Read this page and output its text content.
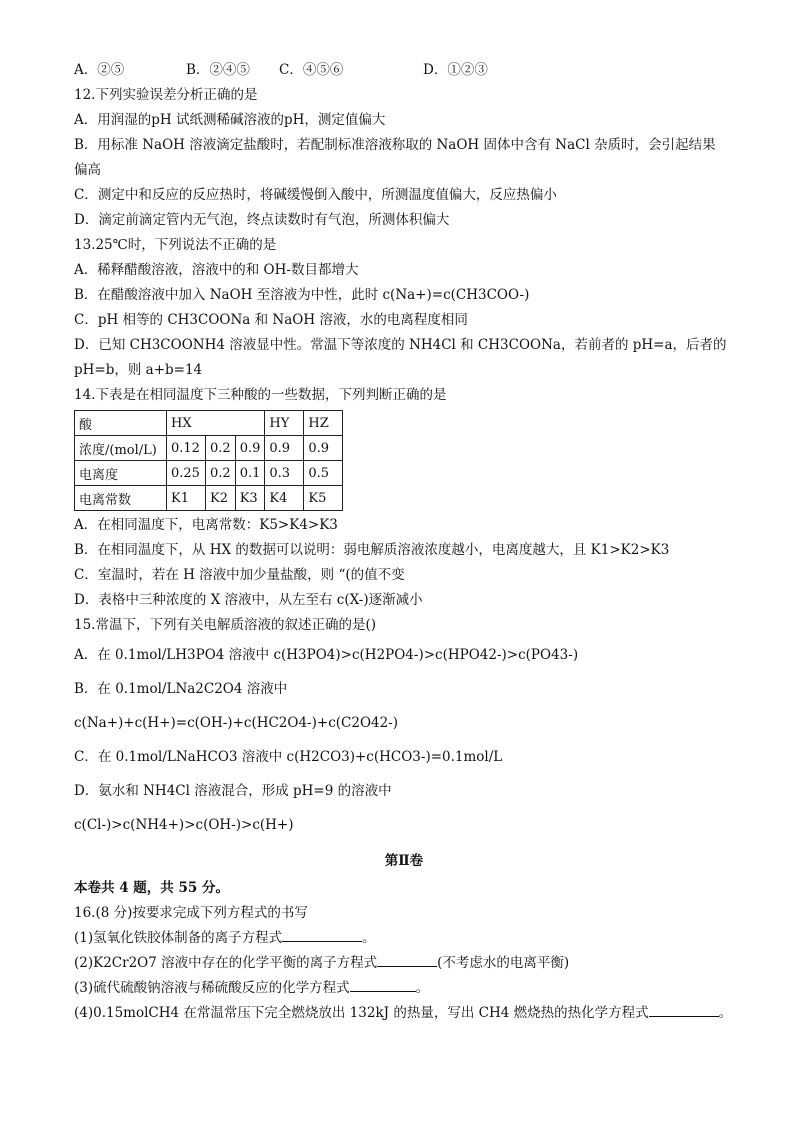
A．②⑤	B．②④⑤ C．④⑤⑥	D．①②③
12.下列实验误差分析正确的是
A．用润湿的pH 试纸测稀碱溶液的pH，测定值偏大
B．用标准 NaOH 溶液滴定盐酸时，若配制标准溶液称取的 NaOH 固体中含有 NaCl 杂质时，会引起结果
偏高
C．测定中和反应的反应热时，将碱缓慢倒入酸中，所测温度值偏大，反应热偏小
D．滴定前滴定管内无气泡，终点读数时有气泡，所测体积偏大
13.25℃时，下列说法不正确的是
A．稀释醋酸溶液，溶液中的和 OH-数目都增大
B．在醋酸溶液中加入 NaOH 至溶液为中性，此时 c(Na+)=c(CH3COO-)
C．pH 相等的 CH3COONa 和 NaOH 溶液，水的电离程度相同
D．已知 CH3COONH4 溶液显中性。常温下等浓度的 NH4Cl 和 CH3COONa，若前者的 pH=a，后者的
pH=b，则 a+b=14
14.下表是在相同温度下三种酸的一些数据，下列判断正确的是
酸	HX			HY	HZ
浓度/(mol/L)	0.12	0.2	0.9	0.9	0.9
电离度	0.25	0.2	0.1	0.3	0.5
电离常数	K1	K2	K3	K4	K5
A．在相同温度下，电离常数：K5>K4>K3
B．在相同温度下，从 HX 的数据可以说明：弱电解质溶液浓度越小，电离度越大，且 K1>K2>K3
C．室温时，若在 H 溶液中加少量盐酸，则 “(的值不变
D．表格中三种浓度的 X 溶液中，从左至右 c(X-)逐渐减小
15.常温下，下列有关电解质溶液的叙述正确的是()
A．在 0.1mol/LH3PO4 溶液中 c(H3PO4)>c(H2PO4-)>c(HPO42-)>c(PO43-)
B．在 0.1mol/LNa2C2O4 溶液中
c(Na+)+c(H+)=c(OH-)+c(HC2O4-)+c(C2O42-)
C．在 0.1mol/LNaHCO3 溶液中 c(H2CO3)+c(HCO3-)=0.1mol/L
D．氨水和 NH4Cl 溶液混合，形成 pH=9 的溶液中
c(Cl-)>c(NH4+)>c(OH-)>c(H+)
第Ⅱ卷
本卷共 4 题，共 55 分。
16.(8 分)按要求完成下列方程式的书写
(1)氢氧化铁胶体制备的离子方程式	。
(2)K2Cr2O7 溶液中存在的化学平衡的离子方程式	(不考虑水的电离平衡)
(3)硫代硫酸钠溶液与稀硫酸反应的化学方程式	。
(4)0.15molCH4 在常温常压下完全燃烧放出 132kJ 的热量，写出 CH4 燃烧热的热化学方程式	。
